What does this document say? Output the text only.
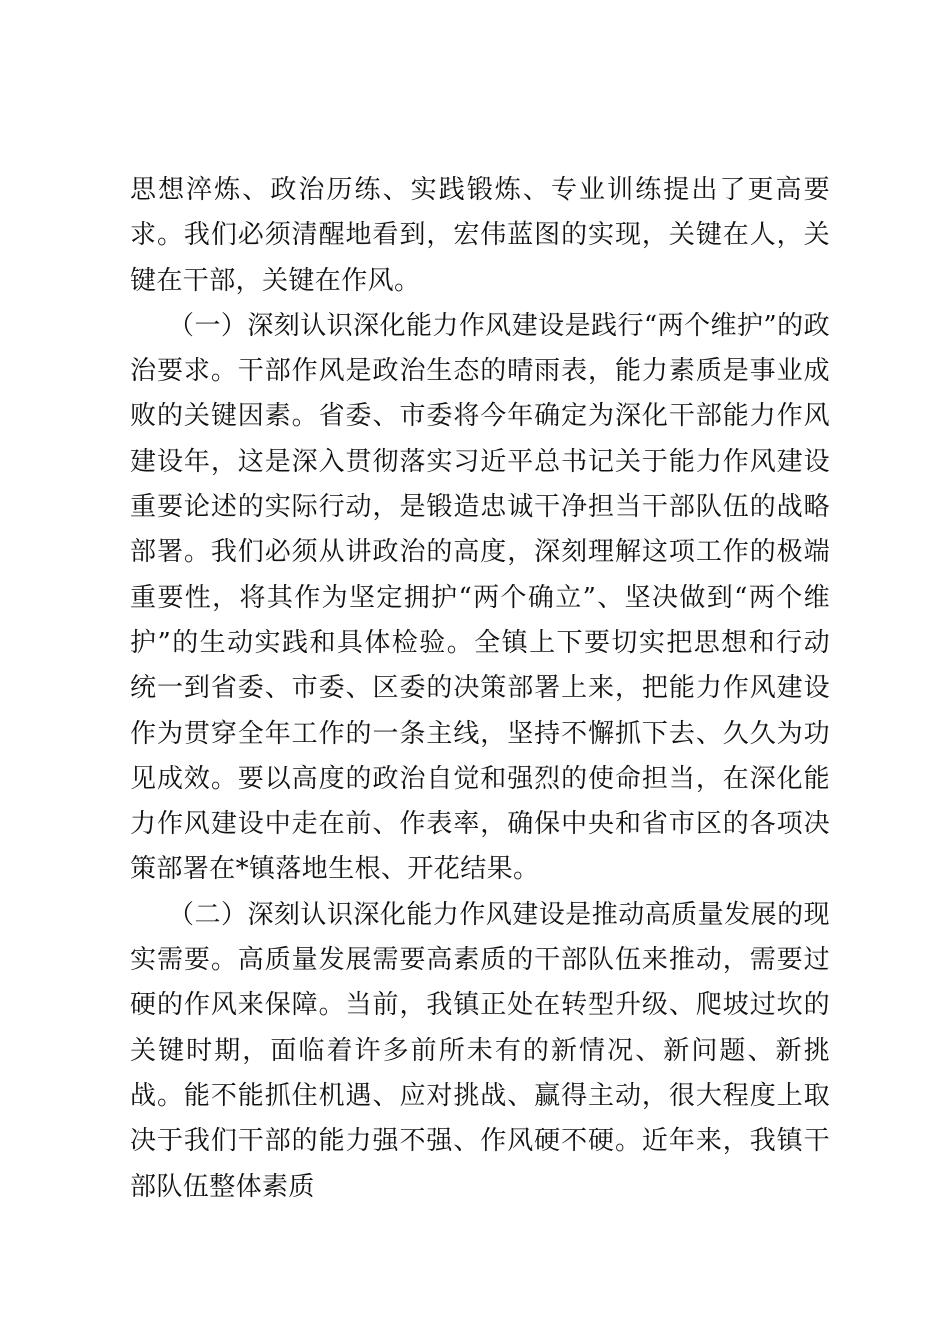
思想淬炼、政治历练、实践锻炼、专业训练提出了更高要求。我们必须清醒地看到，宏伟蓝图的实现，关键在人，关键在干部，关键在作风。

（一）深刻认识深化能力作风建设是践行“两个维护”的政治要求。干部作风是政治生态的晴雨表，能力素质是事业成败的关键因素。省委、市委将今年确定为深化干部能力作风建设年，这是深入贯彻落实习近平总书记关于能力作风建设重要论述的实际行动，是锻造忠诚干净担当干部队伍的战略部署。我们必须从讲政治的高度，深刻理解这项工作的极端重要性，将其作为坚定拥护“两个确立”、坚决做到“两个维护”的生动实践和具体检验。全镇上下要切实把思想和行动统一到省委、市委、区委的决策部署上来，把能力作风建设作为贯穿全年工作的一条主线，坚持不懈抓下去、久久为功见成效。要以高度的政治自觉和强烈的使命担当，在深化能力作风建设中走在前、作表率，确保中央和省市区的各项决策部署在*镇落地生根、开花结果。

（二）深刻认识深化能力作风建设是推动高质量发展的现实需要。高质量发展需要高素质的干部队伍来推动，需要过硬的作风来保障。当前，我镇正处在转型升级、爬坡过坎的关键时期，面临着许多前所未有的新情况、新问题、新挑战。能不能抓住机遇、应对挑战、赢得主动，很大程度上取决于我们干部的能力强不强、作风硬不硬。近年来，我镇干部队伍整体素质
